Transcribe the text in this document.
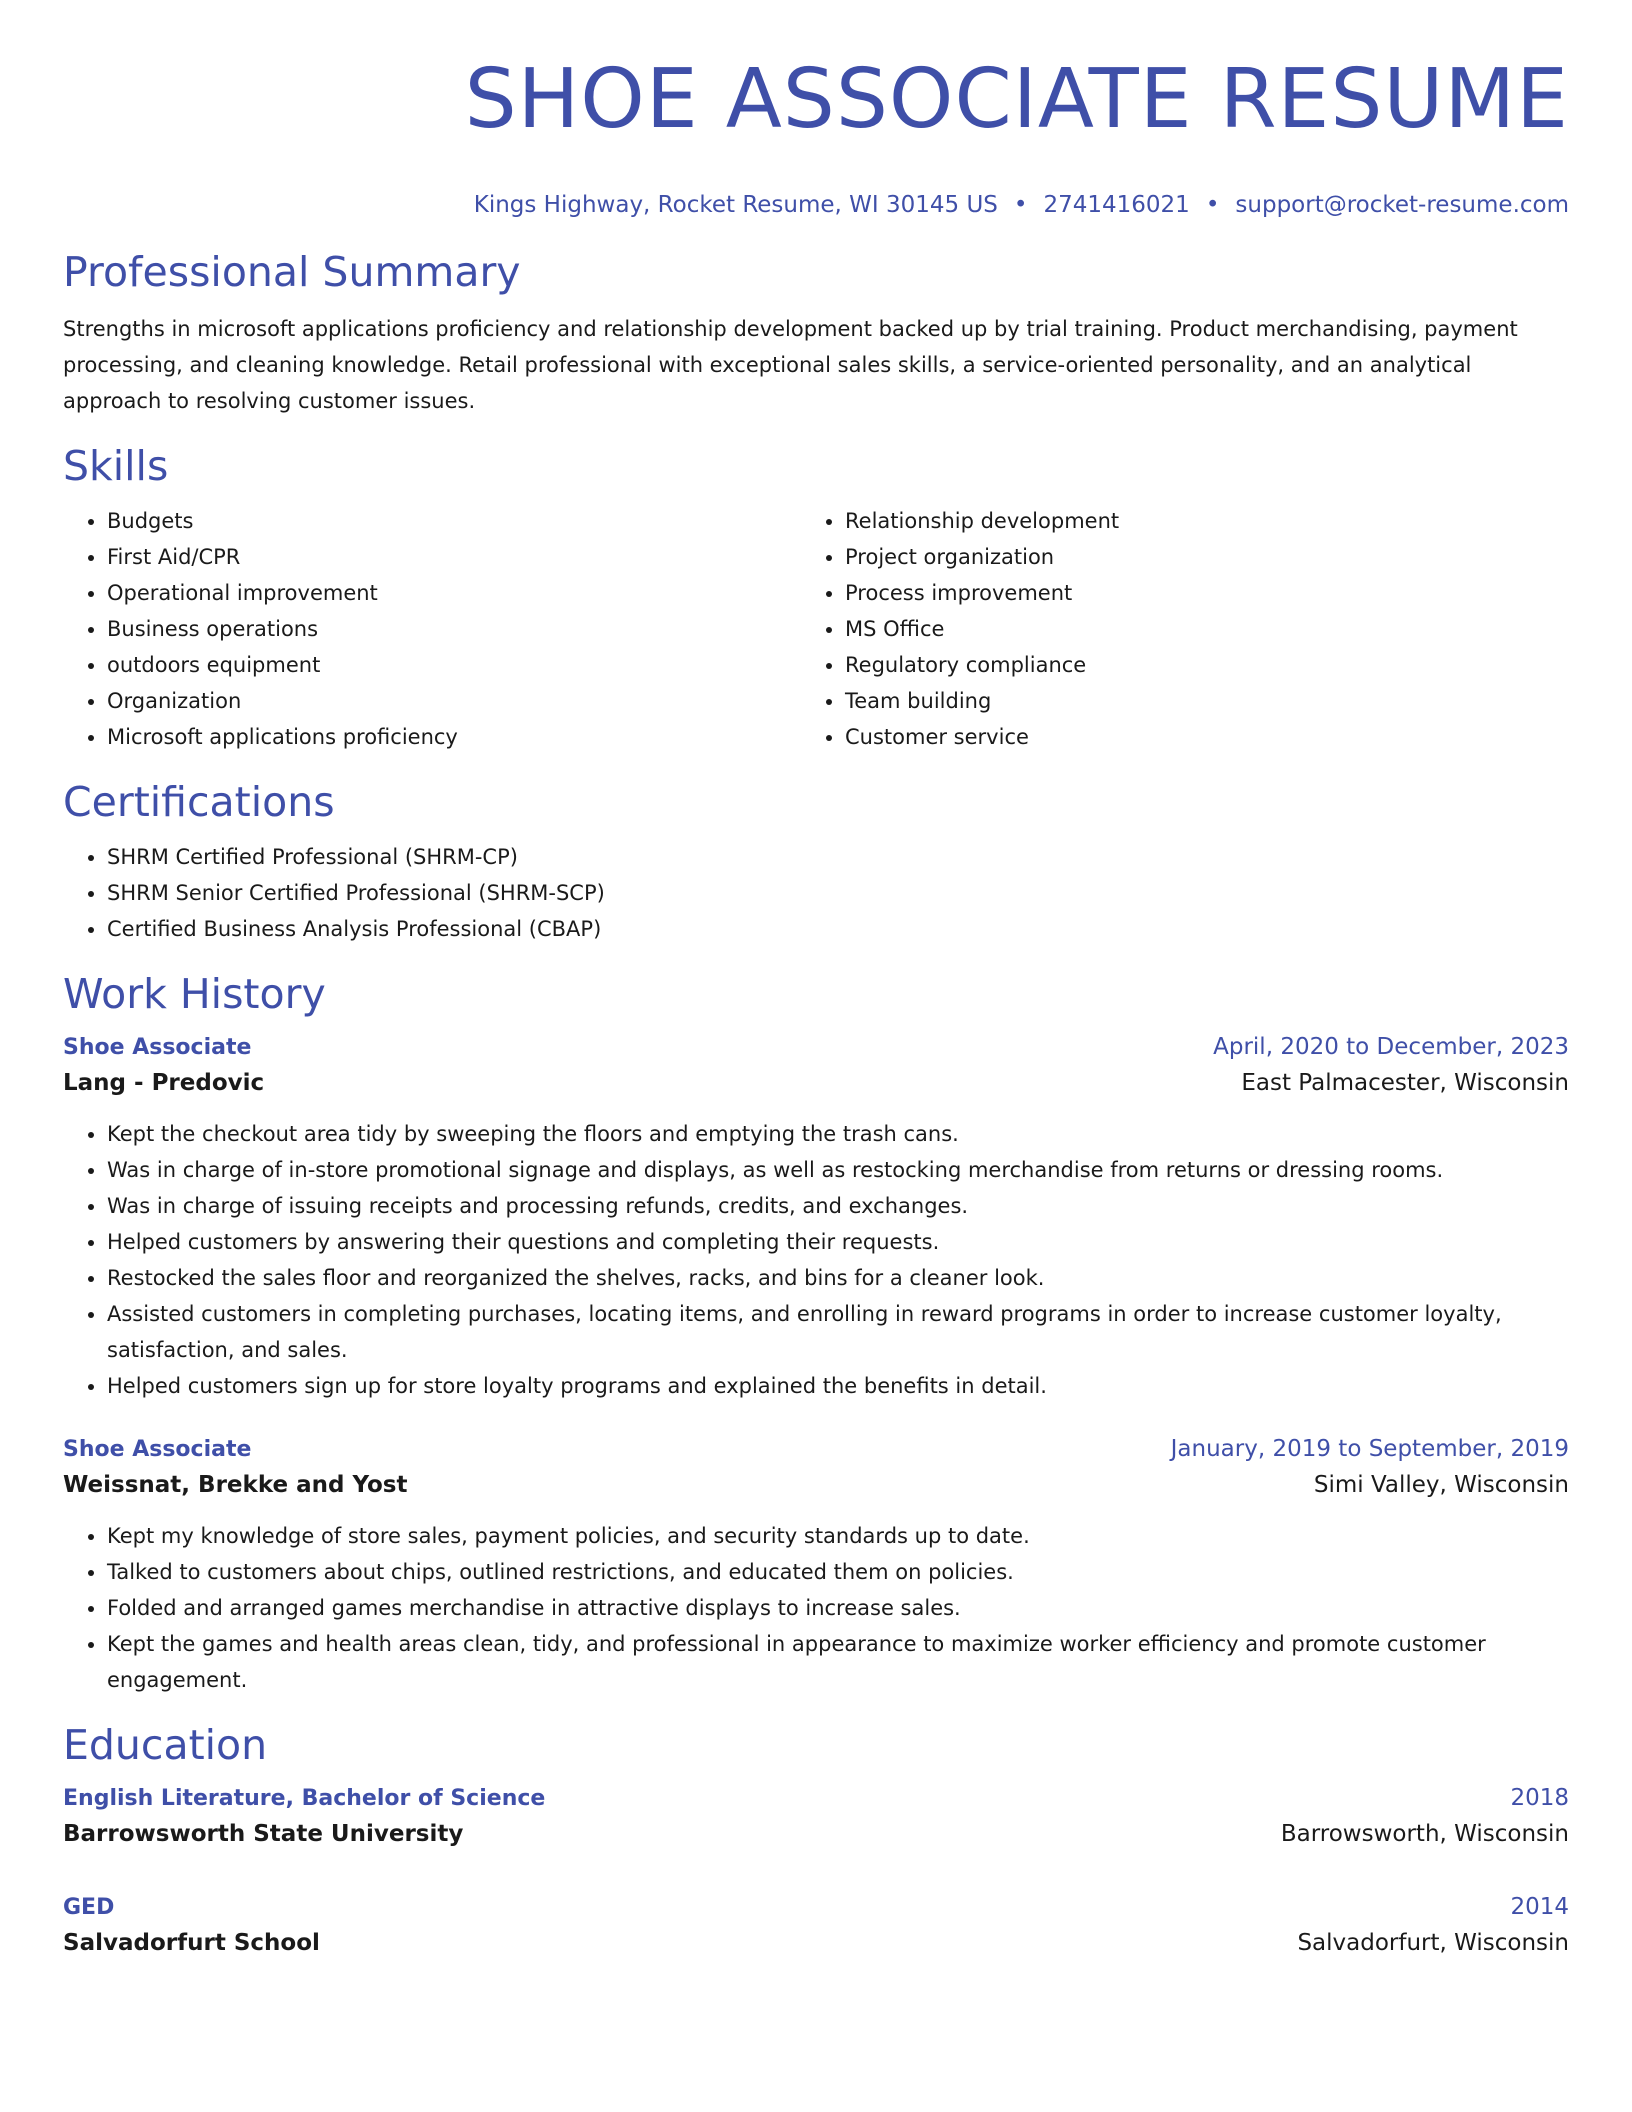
SHOE ASSOCIATE RESUME
Kings Highway, Rocket Resume, WI 30145 US • 2741416021 • support@rocket-resume.com
Professional Summary

Strengths in microsoft applications proficiency and relationship development backed up by trial training. Product merchandising, payment processing, and cleaning knowledge. Retail professional with exceptional sales skills, a service-oriented personality, and an analytical approach to resolving customer issues.

Skills
• Budgets
• First Aid/CPR
• Operational improvement
• Business operations
• outdoors equipment
• Organization
• Microsoft applications proficiency
• Relationship development
• Project organization
• Process improvement
• MS Office
• Regulatory compliance
• Team building
• Customer service
Certifications
• SHRM Certified Professional (SHRM-CP)
• SHRM Senior Certified Professional (SHRM-SCP)
• Certified Business Analysis Professional (CBAP)
Work History
Shoe Associate	April, 2020 to December, 2023
Lang - Predovic	East Palmacester, Wisconsin
• Kept the checkout area tidy by sweeping the floors and emptying the trash cans.
• Was in charge of in-store promotional signage and displays, as well as restocking merchandise from returns or dressing rooms.
• Was in charge of issuing receipts and processing refunds, credits, and exchanges.
• Helped customers by answering their questions and completing their requests.
• Restocked the sales floor and reorganized the shelves, racks, and bins for a cleaner look.
• Assisted customers in completing purchases, locating items, and enrolling in reward programs in order to increase customer loyalty, satisfaction, and sales.
• Helped customers sign up for store loyalty programs and explained the benefits in detail.
Shoe Associate	January, 2019 to September, 2019
Weissnat, Brekke and Yost	Simi Valley, Wisconsin
• Kept my knowledge of store sales, payment policies, and security standards up to date.
• Talked to customers about chips, outlined restrictions, and educated them on policies.
• Folded and arranged games merchandise in attractive displays to increase sales.
• Kept the games and health areas clean, tidy, and professional in appearance to maximize worker efficiency and promote customer engagement.
Education
English Literature, Bachelor of Science	2018
Barrowsworth State University	Barrowsworth, Wisconsin
GED	2014
Salvadorfurt School	Salvadorfurt, Wisconsin
